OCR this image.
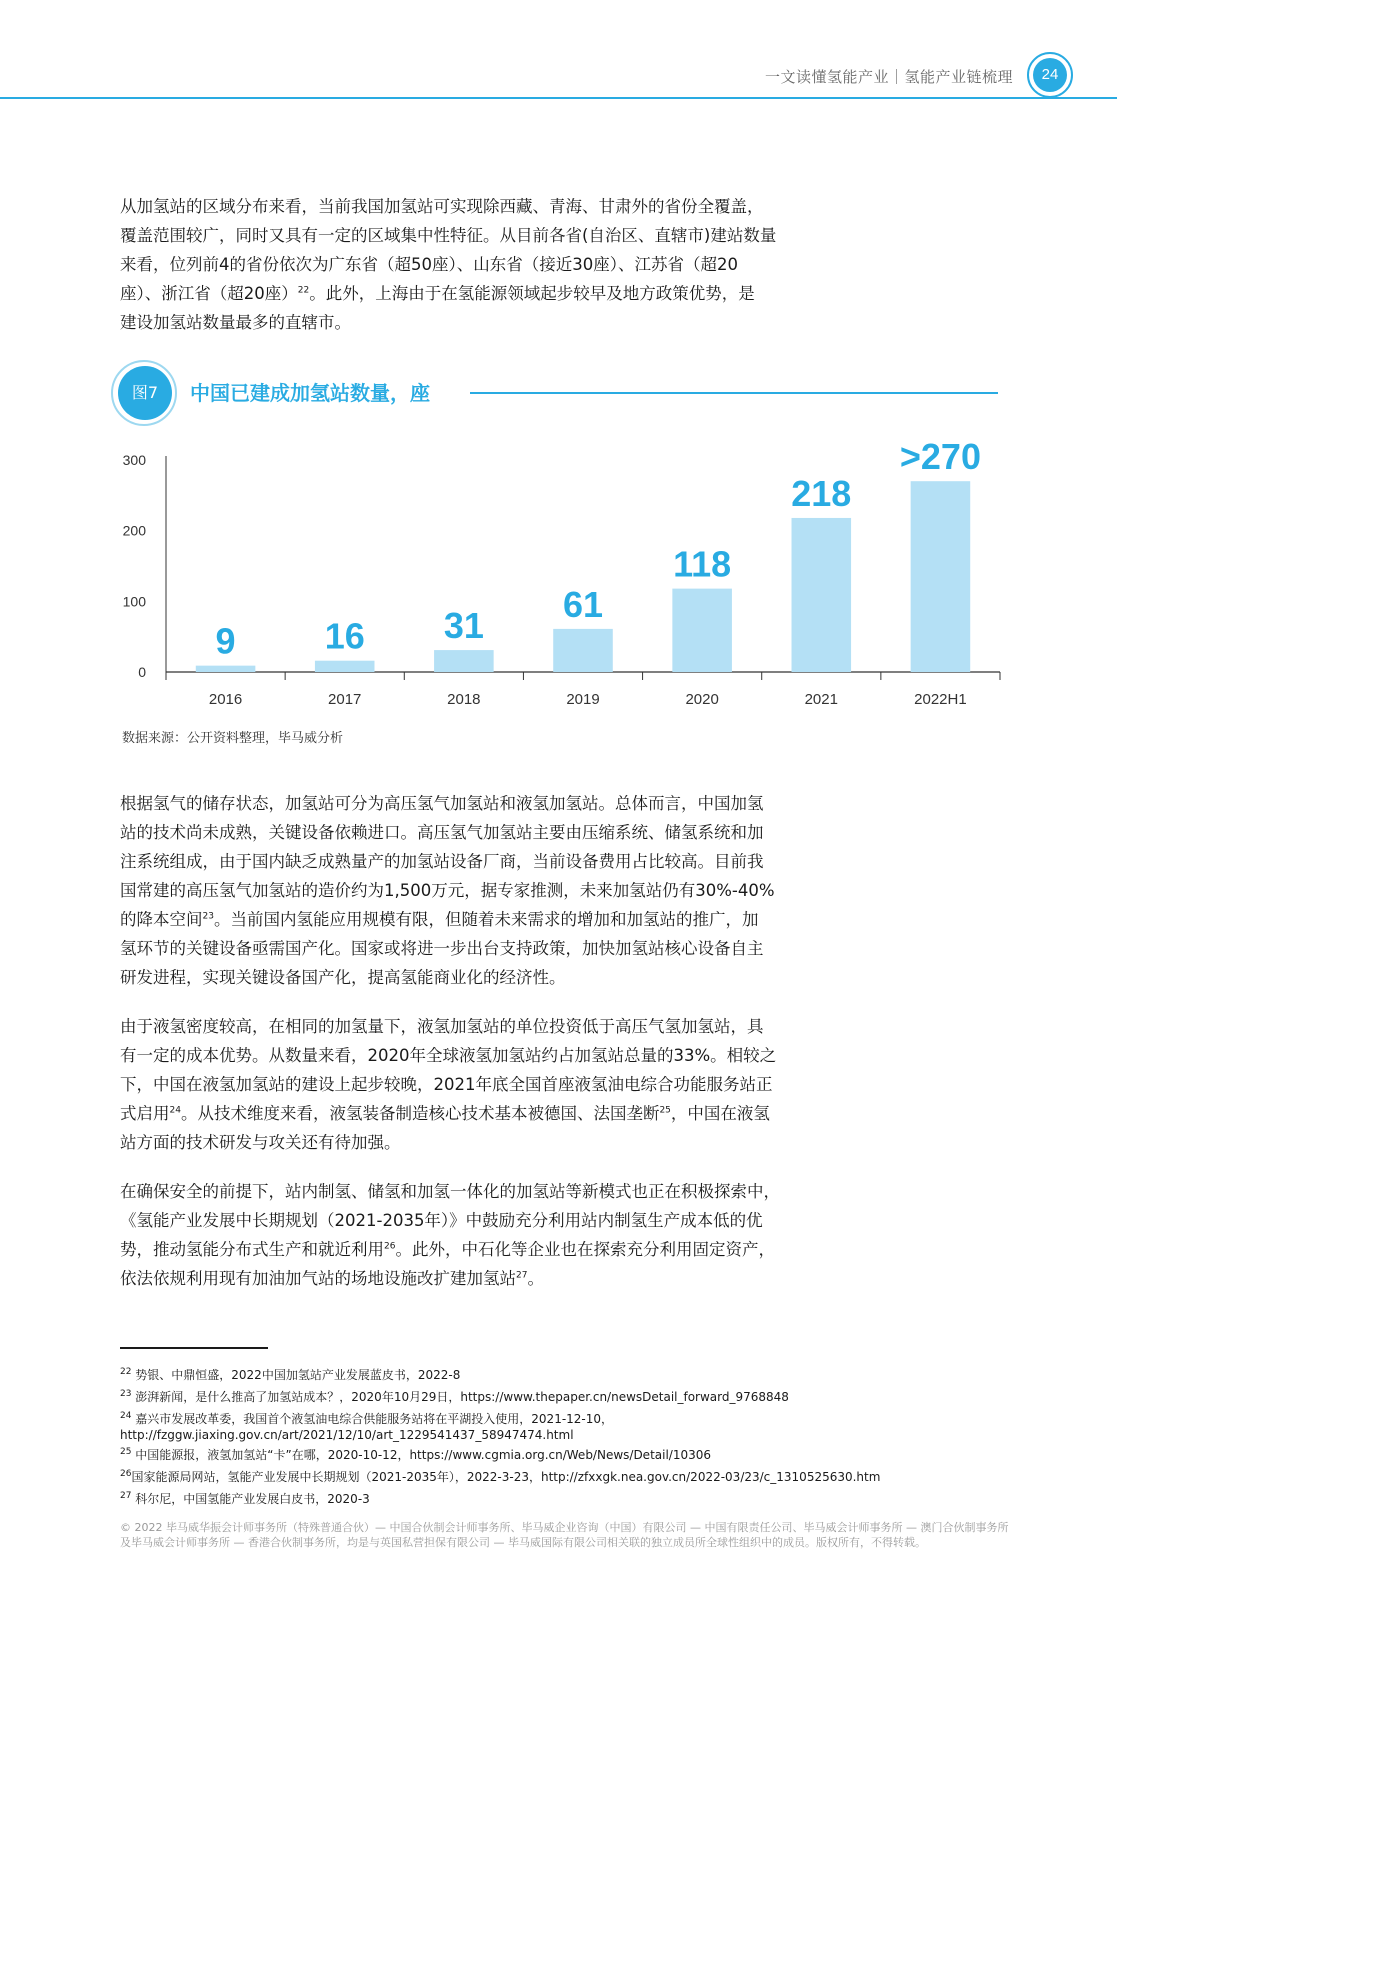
一文读懂氢能产业｜氢能产业链梳理	24
从加氢站的区域分布来看，当前我国加氢站可实现除西藏、青海、甘肃外的省份全覆盖，
覆盖范围较广，同时又具有一定的区域集中性特征。从目前各省(自治区、直辖市)建站数量
来看，位列前4的省份依次为广东省（超50座）、山东省（接近30座）、江苏省（超20
座）、浙江省（超20座）$^{22}$。此外，上海由于在氢能源领域起步较早及地方政策优势，是
建设加氢站数量最多的直辖市。
图7	中国已建成加氢站数量，座
0
100
200
300
9
2016
16
2017
31
2018
61
2019
118
2020
218
2021
>270
2022H1
数据来源：公开资料整理，毕马威分析
根据氢气的储存状态，加氢站可分为高压氢气加氢站和液氢加氢站。总体而言，中国加氢
站的技术尚未成熟，关键设备依赖进口。高压氢气加氢站主要由压缩系统、储氢系统和加
注系统组成，由于国内缺乏成熟量产的加氢站设备厂商，当前设备费用占比较高。目前我
国常建的高压氢气加氢站的造价约为1,500万元，据专家推测，未来加氢站仍有30%-40%
的降本空间$^{23}$。当前国内氢能应用规模有限，但随着未来需求的增加和加氢站的推广，加
氢环节的关键设备亟需国产化。国家或将进一步出台支持政策，加快加氢站核心设备自主
研发进程，实现关键设备国产化，提高氢能商业化的经济性。
由于液氢密度较高，在相同的加氢量下，液氢加氢站的单位投资低于高压气氢加氢站，具
有一定的成本优势。从数量来看，2020年全球液氢加氢站约占加氢站总量的33%。相较之
下，中国在液氢加氢站的建设上起步较晚，2021年底全国首座液氢油电综合功能服务站正
式启用$^{24}$。从技术维度来看，液氢装备制造核心技术基本被德国、法国垄断$^{25}$，中国在液氢
站方面的技术研发与攻关还有待加强。
在确保安全的前提下，站内制氢、储氢和加氢一体化的加氢站等新模式也正在积极探索中，
《氢能产业发展中长期规划（2021-2035年）》中鼓励充分利用站内制氢生产成本低的优
势，推动氢能分布式生产和就近利用$^{26}$。此外，中石化等企业也在探索充分利用固定资产，
依法依规利用现有加油加气站的场地设施改扩建加氢站$^{27}$。
$^{22}$ 势银、中鼎恒盛，2022中国加氢站产业发展蓝皮书，2022-8
$^{23}$ 澎湃新闻，是什么推高了加氢站成本？，2020年10月29日，https://www.thepaper.cn/newsDetail_forward_9768848
$^{24}$ 嘉兴市发展改革委，我国首个液氢油电综合供能服务站将在平湖投入使用，2021-12-10，
http://fzggw.jiaxing.gov.cn/art/2021/12/10/art_1229541437_58947474.html
$^{25}$ 中国能源报，液氢加氢站“卡”在哪，2020-10-12，https://www.cgmia.org.cn/Web/News/Detail/10306
$^{26}$国家能源局网站，氢能产业发展中长期规划（2021-2035年），2022-3-23，http://zfxxgk.nea.gov.cn/2022-03/23/c_1310525630.htm
$^{27}$ 科尔尼，中国氢能产业发展白皮书，2020-3
© 2022 毕马威华振会计师事务所（特殊普通合伙）— 中国合伙制会计师事务所、毕马威企业咨询（中国）有限公司 — 中国有限责任公司、毕马威会计师事务所 — 澳门合伙制事务所
及毕马威会计师事务所 — 香港合伙制事务所，均是与英国私营担保有限公司 — 毕马威国际有限公司相关联的独立成员所全球性组织中的成员。版权所有，不得转载。
